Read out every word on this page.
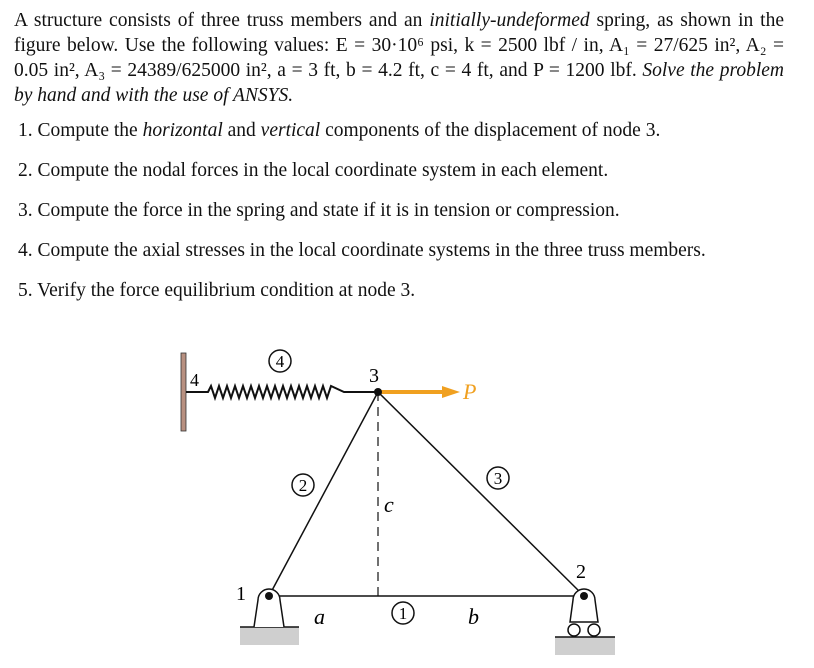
A structure consists of three truss members and an initially-undeformed spring, as shown in the figure below. Use the following values: E = 30·10⁶ psi, k = 2500 lbf / in, A₁ = 27/625 in², A₂ = 0.05 in², A₃ = 24389/625000 in², a = 3 ft, b = 4.2 ft, c = 4 ft, and P = 1200 lbf. Solve the problem by hand and with the use of ANSYS.
1. Compute the horizontal and vertical components of the displacement of node 3.
2. Compute the nodal forces in the local coordinate system in each element.
3. Compute the force in the spring and state if it is in tension or compression.
4. Compute the axial stresses in the local coordinate systems in the three truss members.
5. Verify the force equilibrium condition at node 3.
P
1
2
3
4
4
2	3
1
c
a	b
